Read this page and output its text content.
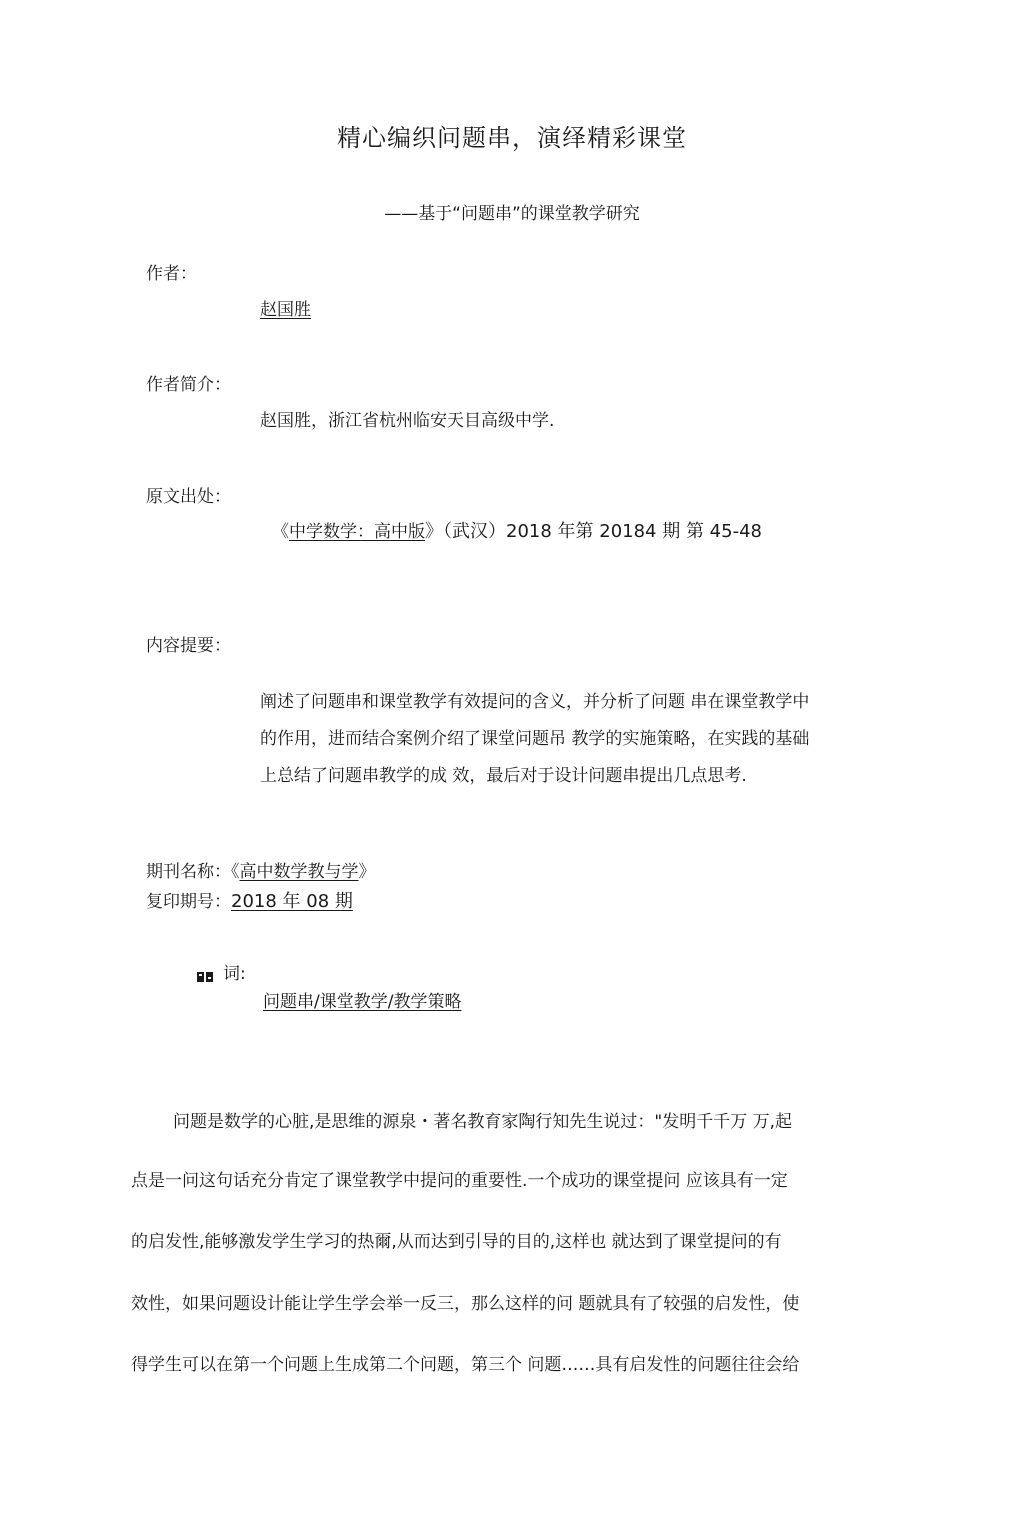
精心编织问题串，演绎精彩课堂
——基于“问题串”的课堂教学研究
作者：
赵国胜
作者简介：
赵国胜，浙江省杭州临安天目高级中学.
原文出处：
《中学数学：高中版》（武汉）2018 年第 20184 期 第 45-48
内容提要：
阐述了问题串和课堂教学有效提问的含义，并分析了问题 串在课堂教学中
的作用，进而结合案例介绍了课堂问题吊 教学的实施策略，在实践的基础
上总结了问题串教学的成 效，最后对于设计问题串提出几点思考.
期刊名称：《高中数学教与学》
复印期号：2018 年 08 期
词:
问题串/课堂教学/教学策略
问题是数学的心脏,是思维的源泉・著名教育家陶行知先生说过："发明千千万 万,起
点是一问这句话充分肯定了课堂教学中提问的重要性.一个成功的课堂提问 应该具有一定
的启发性,能够激发学生学习的热爾,从而达到引导的目的,这样也 就达到了课堂提问的有
效性，如果问题设计能让学生学会举一反三，那么这样的问 题就具有了较强的启发性，使
得学生可以在第一个问题上生成第二个问题，第三个 问题……具有启发性的问题往往会给
